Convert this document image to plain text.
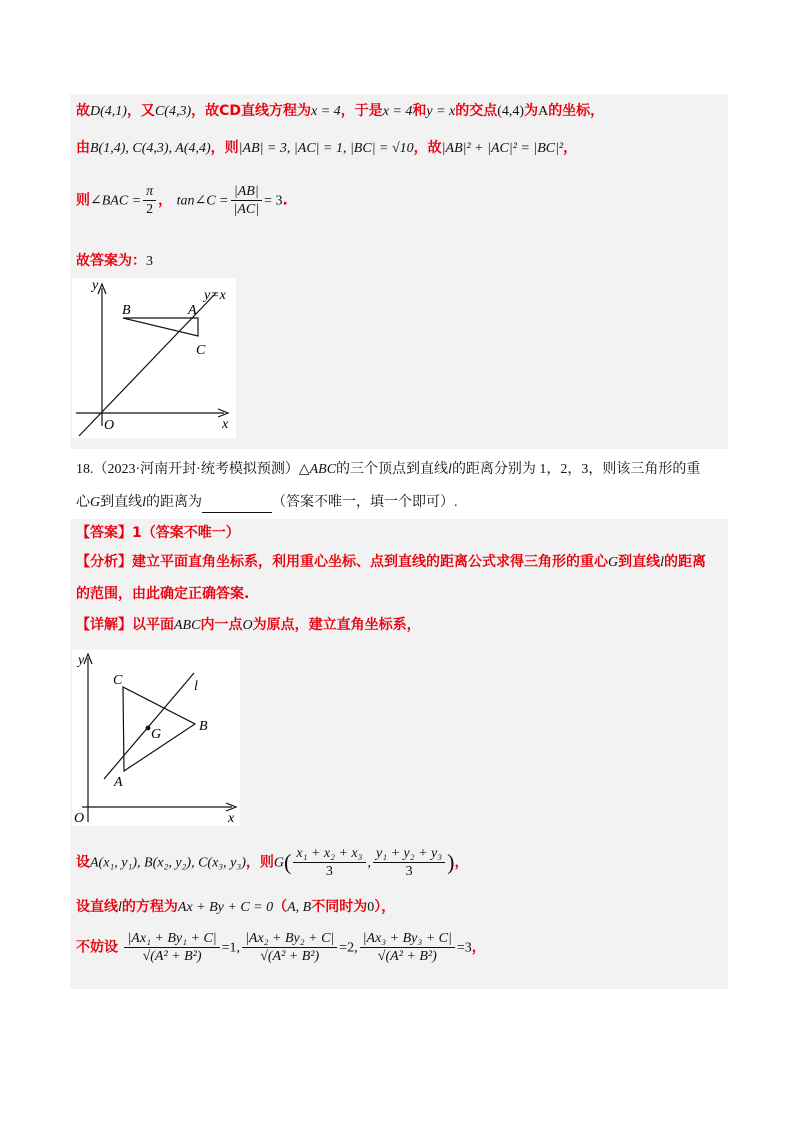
故D(4,1)，又C(4,3)，故CD直线方程为x = 4，于是x = 4和y = x的交点(4,4)为A的坐标，
由B(1,4), C(4,3), A(4,4)，则|AB| = 3, |AC| = 1, |BC| = √10，故|AB|² + |AC|² = |BC|²，
则∠BAC = $\frac{\pi}{2}$ ， tan∠C = $\frac{|AB|}{|AC|} = 3$.
故答案为：3
y
x
O
B	A
C
y=x
18.（2023·河南开封·统考模拟预测）△ABC的三个顶点到直线l的距离分别为 1，2，3，则该三角形的重
心G到直线l的距离为	（答案不唯一，填一个即可）.
【答案】1（答案不唯一）
【分析】建立平面直角坐标系，利用重心坐标、点到直线的距离公式求得三角形的重心G到直线l的距离
的范围，由此确定正确答案.
【详解】以平面ABC内一点O为原点，建立直角坐标系，
y
x
O
C	l
G
B
A
设A(x₁, y₁), B(x₂, y₂), C(x₃, y₃)，则$G( \frac{\text{x₁ + x₂ + x₃}}{3}$ , $\frac{\text{y₁ + y₂ + y₃}}{3}$ )，
设直线l的方程为Ax + By + C = 0（A, B不同时为0），
不妨设 $\frac{\text{|Ax₁ + By₁ + C|}}{\text{√(A² + B²)}} =1$, $\frac{\text{|Ax₂ + By₂ + C|}}{\text{√(A² + B²)}} =2$, $\frac{\text{|Ax₃ + By₃ + C|}}{\text{√(A² + B²)}} =3$，
